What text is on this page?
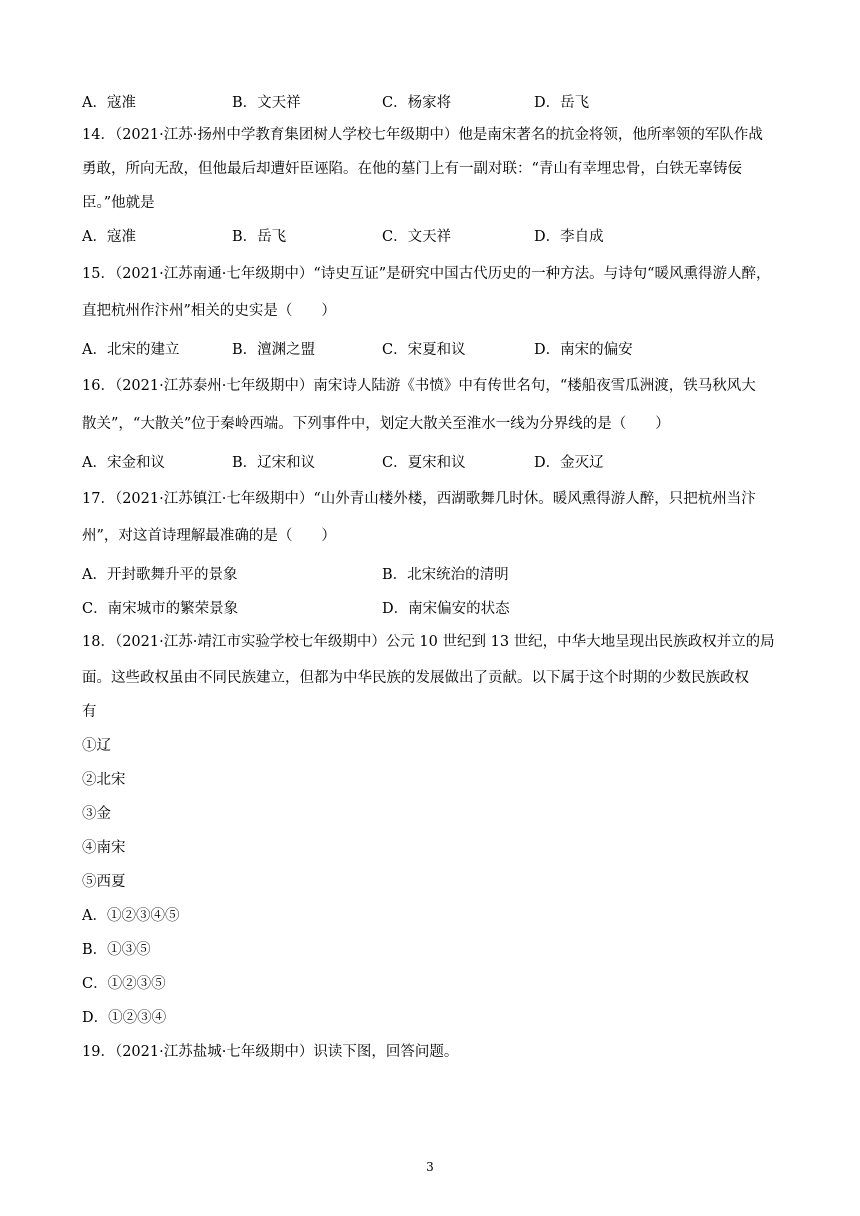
A．寇准	B．文天祥	C．杨家将	D．岳飞
14．（2021·江苏·扬州中学教育集团树人学校七年级期中）他是南宋著名的抗金将领，他所率领的军队作战
勇敢，所向无敌，但他最后却遭奸臣诬陷。在他的墓门上有一副对联：“青山有幸埋忠骨，白铁无辜铸佞
臣。”他就是
A．寇准	B．岳飞	C．文天祥	D．李自成
15．（2021·江苏南通·七年级期中）“诗史互证”是研究中国古代历史的一种方法。与诗句“暖风熏得游人醉，
直把杭州作汴州”相关的史实是（　　）
A．北宋的建立	B．澶渊之盟	C．宋夏和议	D．南宋的偏安
16．（2021·江苏泰州·七年级期中）南宋诗人陆游《书愤》中有传世名句，“楼船夜雪瓜洲渡，铁马秋风大
散关”，“大散关”位于秦岭西端。下列事件中，划定大散关至淮水一线为分界线的是（　　）
A．宋金和议	B．辽宋和议	C．夏宋和议	D．金灭辽
17．（2021·江苏镇江·七年级期中）“山外青山楼外楼，西湖歌舞几时休。暖风熏得游人醉，只把杭州当汴
州”，对这首诗理解最准确的是（　　）
A．开封歌舞升平的景象	B．北宋统治的清明
C．南宋城市的繁荣景象	D．南宋偏安的状态
18．（2021·江苏·靖江市实验学校七年级期中）公元 10 世纪到 13 世纪，中华大地呈现出民族政权并立的局
面。这些政权虽由不同民族建立，但都为中华民族的发展做出了贡献。以下属于这个时期的少数民族政权
有
①辽
②北宋
③金
④南宋
⑤西夏
A．①②③④⑤
B．①③⑤
C．①②③⑤
D．①②③④
19．（2021·江苏盐城·七年级期中）识读下图，回答问题。
3
